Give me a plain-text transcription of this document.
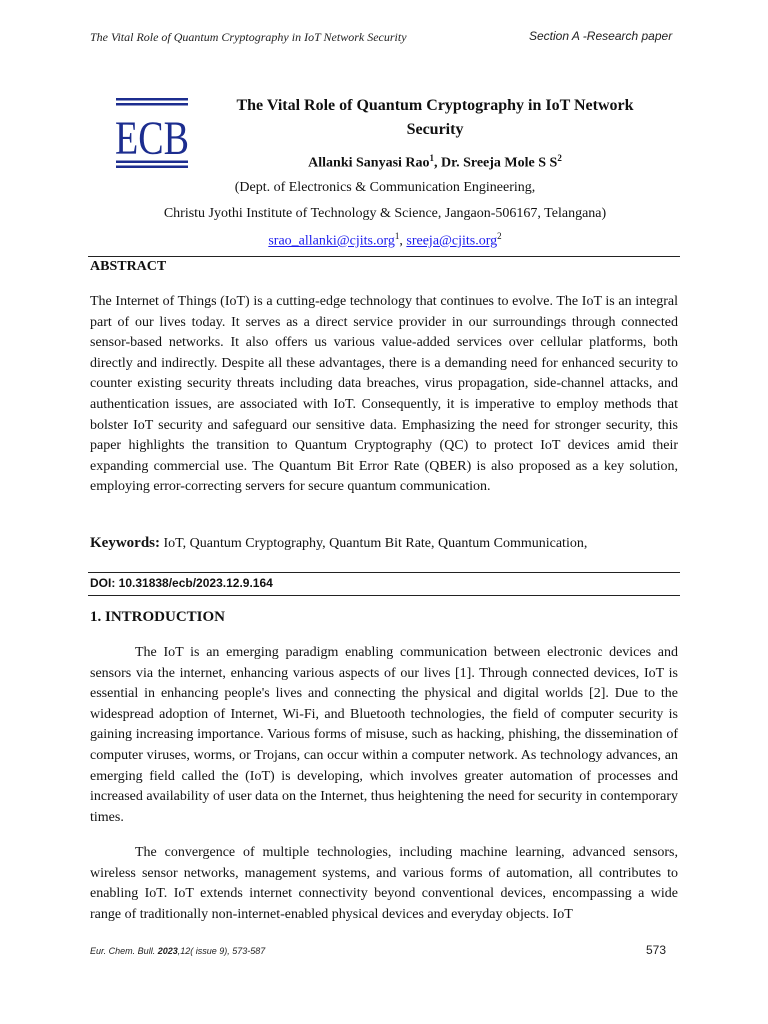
The Vital Role of Quantum Cryptography in IoT Network Security	Section A -Research paper
ECB
The Vital Role of Quantum Cryptography in IoT Network Security
Allanki Sanyasi Rao$^1$, Dr. Sreeja Mole S $S^2$
(Dept. of Electronics & Communication Engineering,
Christu Jyothi Institute of Technology & Science, Jangaon-506167, Telangana)
srao_allanki@cjits.org$^1$, sreeja@cjits.org$^2$
ABSTRACT

The Internet of Things (IoT) is a cutting-edge technology that continues to evolve. The IoT is an integral part of our lives today. It serves as a direct service provider in our surroundings through connected sensor-based networks. It also offers us various value-added services over cellular platforms, both directly and indirectly. Despite all these advantages, there is a demanding need for enhanced security to counter existing security threats including data breaches, virus propagation, side-channel attacks, and authentication issues, are associated with IoT. Consequently, it is imperative to employ methods that bolster IoT security and safeguard our sensitive data. Emphasizing the need for stronger security, this paper highlights the transition to Quantum Cryptography (QC) to protect IoT devices amid their expanding commercial use. The Quantum Bit Error Rate (QBER) is also proposed as a key solution, employing error-correcting servers for secure quantum communication.

Keywords: IoT, Quantum Cryptography, Quantum Bit Rate, Quantum Communication,
DOI: 10.31838/ecb/2023.12.9.164
1. INTRODUCTION

The IoT is an emerging paradigm enabling communication between electronic devices and sensors via the internet, enhancing various aspects of our lives [1]. Through connected devices, IoT is essential in enhancing people's lives and connecting the physical and digital worlds [2]. Due to the widespread adoption of Internet, Wi-Fi, and Bluetooth technologies, the field of computer security is gaining increasing importance. Various forms of misuse, such as hacking, phishing, the dissemination of computer viruses, worms, or Trojans, can occur within a computer network. As technology advances, an emerging field called the (IoT) is developing, which involves greater automation of processes and increased availability of user data on the Internet, thus heightening the need for security in contemporary times.

The convergence of multiple technologies, including machine learning, advanced sensors, wireless sensor networks, management systems, and various forms of automation, all contributes to enabling IoT. IoT extends internet connectivity beyond conventional devices, encompassing a wide range of traditionally non-internet-enabled physical devices and everyday objects. IoT

Eur. Chem. Bull. 2023,12( issue 9), 573-587	573
